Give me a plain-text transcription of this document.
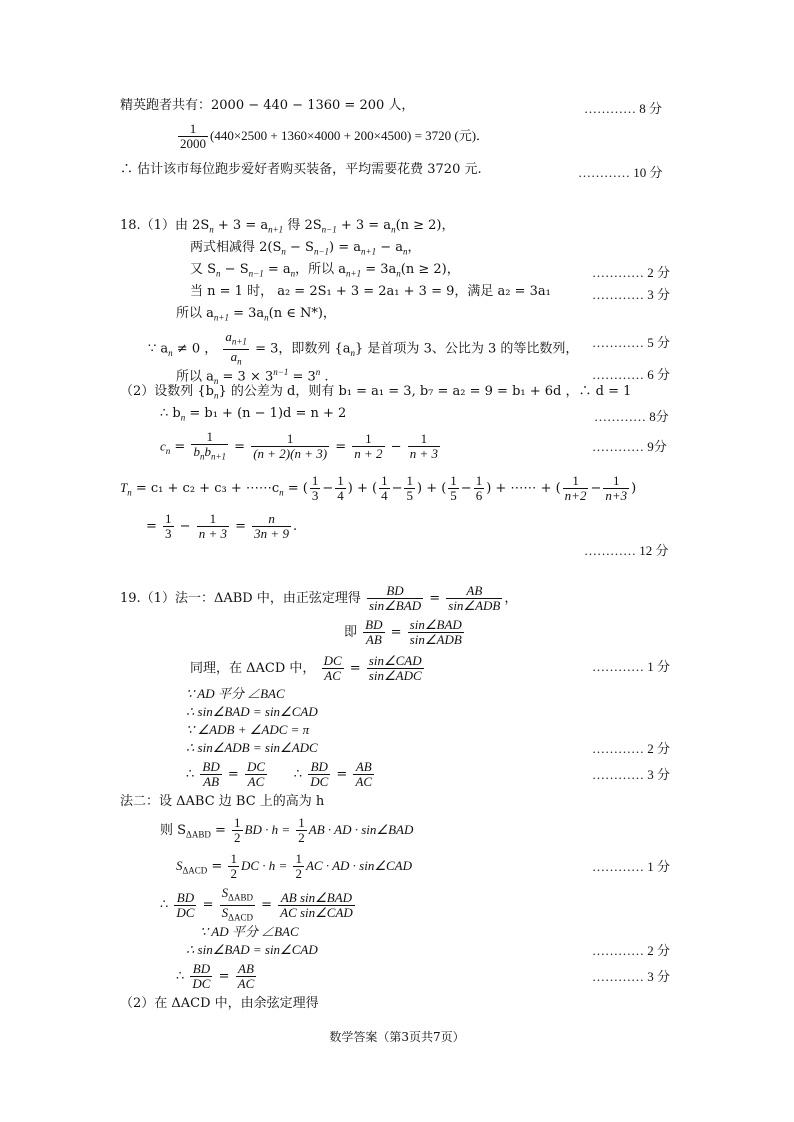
精英跑者共有：2000 − 440 − 1360 = 200 人，	………… 8 分
$\frac{1}{2000} (440\times 2500 + 1360\times 4000 + 200\times 4500) = 3720$ (元)．
∴ 估计该市每位跑步爱好者购买装备，平均需要花费 3720 元.	………… 10 分
18.（1）由 $2S_n + 3 = a_{n+1}$ 得 $2S_{n-1} + 3 = a_n(n \ge 2)$，
两式相减得 $2(S_n - S_{n-1}) = a_{n+1} - a_n$，
又 $S_n - S_{n-1} = a_n$，所以 $a_{n+1} = 3a_n(n \ge 2)$，	………… 2 分
当 n = 1 时， a₂ = 2S₁ + 3 = 2a₁ + 3 = 9，满足 a₂ = 3a₁	………… 3 分
所以 $a_{n+1} = 3a_n(n$ ∈ N*)，
∵ $a_n \ne 0$ ， $\frac{a_{n+1}}{a_n} = 3$，即数列 $\{a_n\}$ 是首项为 3、公比为 3 的等比数列， ………… 5 分
所以 $a_n = 3 \times 3^{n-1} = 3^n$ .	………… 6 分
（2）设数列 $\{b_n\}$ 的公差为 d，则有 b₁ = a₁ = 3, b₇ = a₂ = 9 = b₁ + 6d ，∴ d = 1
∴ $b_n = b_1 + (n - 1)d = n + 2$	………… 8分
$c_n = \frac{1}{b_nb_{n+1}} = \frac{1}{(n + 2)(n + 3)} = \frac{1}{n + 2} - \frac{1}{n + 3}$	………… 9分
$T_n = c_1 + c_2 + c_3$ + $\cdots\cdots c_n$ = ( $\frac{1}{3} - \frac{1}{4}$ ) + ( $\frac{1}{4} - \frac{1}{5}$ ) + ( $\frac{1}{5} - \frac{1}{6}$ ) + ⋯⋯ + ( $\frac{1}{n+2} - \frac{1}{n+3}$ )
= $\frac{1}{3} - \frac{1}{n + 3} = \frac{n}{3n + 9}$ .
………… 12 分
19.（1）法一：ΔABD 中，由正弦定理得 $\frac{BD}{\text{sin∠BAD}} = \frac{AB}{\text{sin∠ADB}}$ ，
即 $\frac{BD}{AB} = \frac{\text{sin∠BAD}}{\text{sin∠ADB}}$
同理，在 ΔACD 中， $\frac{DC}{AC} = \frac{\text{sin∠CAD}}{\text{sin∠ADC}}$	………… 1 分
∵ AD 平分 ∠BAC
∴ sin∠BAD = sin∠CAD
∵ ∠ADB + ∠ADC = π
∴ sin∠ADB = sin∠ADC	………… 2 分
∴ $\frac{BD}{AB} = \frac{DC}{AC}$ ∴ $\frac{BD}{DC} = \frac{AB}{AC}$	………… 3 分
法二：设 ΔABC 边 BC 上的高为 h
则 $S_{\Delta ABD} = \frac{1}{2}$ BD · $h = \frac{1}{2}$ AB · AD · sin∠BAD
$S_{\Delta ACD} = \frac{1}{2}$ DC · $h = \frac{1}{2}$ AC · AD · sin∠CAD	………… 1 分
∴ $\frac{BD}{DC} = \frac{S_{\Delta ABD}}{S_{\Delta ACD}} = \frac{\text{AB sin∠BAD}}{\text{AC sin∠CAD}}$
∵ AD 平分 ∠BAC
∴ sin∠BAD = sin∠CAD	………… 2 分
∴ $\frac{BD}{DC} = \frac{AB}{AC}$	………… 3 分
（2）在 ΔACD 中，由余弦定理得
数学答案（第3页共7页）
